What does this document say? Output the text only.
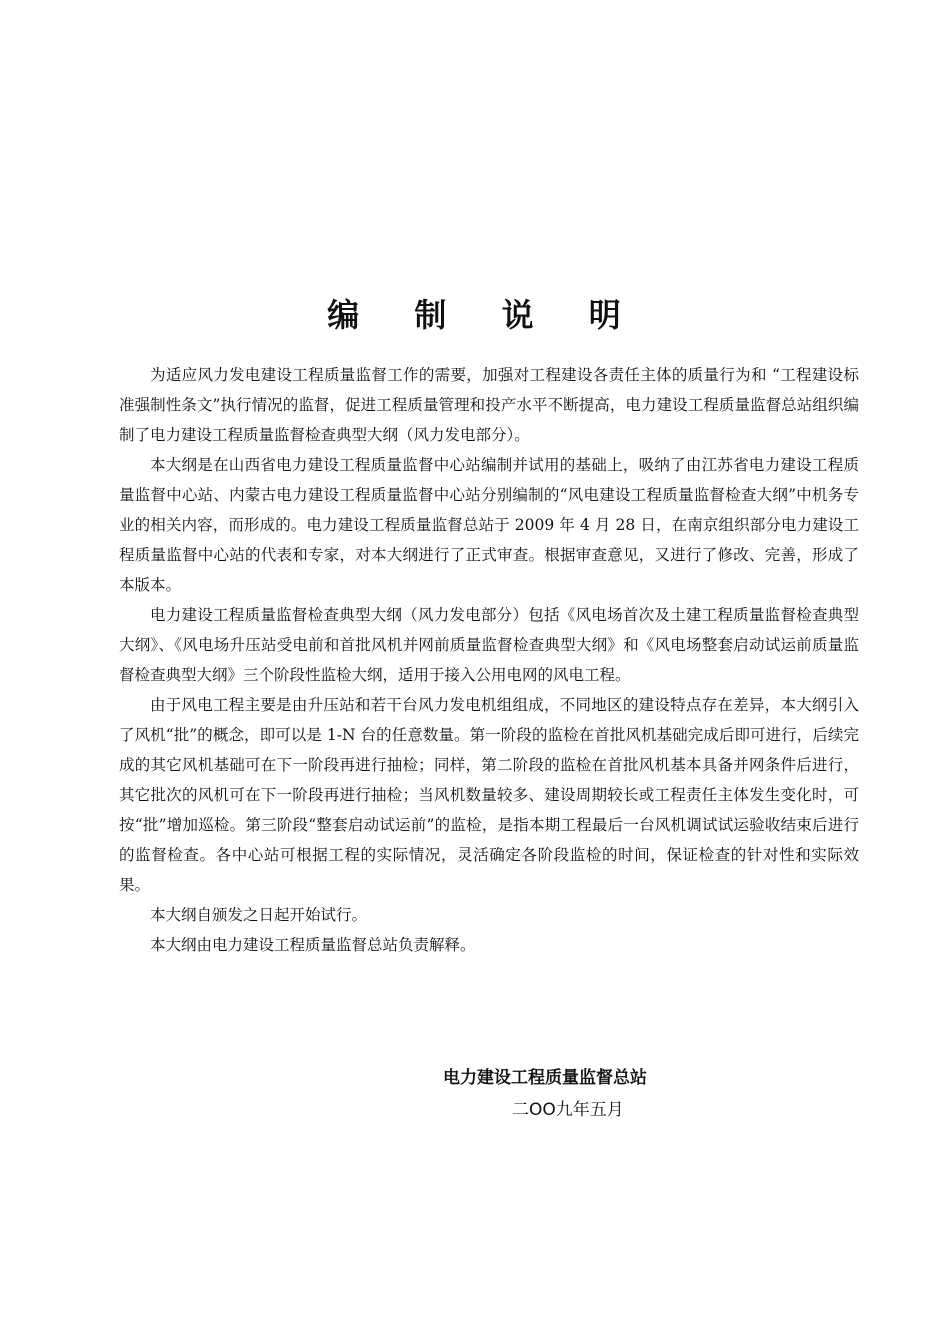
编 制 说 明

为适应风力发电建设工程质量监督工作的需要，加强对工程建设各责任主体的质量行为和 “工程建设标准强制性条文”执行情况的监督，促进工程质量管理和投产水平不断提高，电力建设工程质量监督总站组织编制了电力建设工程质量监督检查典型大纲（风力发电部分）。

本大纲是在山西省电力建设工程质量监督中心站编制并试用的基础上，吸纳了由江苏省电力建设工程质量监督中心站、内蒙古电力建设工程质量监督中心站分别编制的“风电建设工程质量监督检查大纲”中机务专业的相关内容，而形成的。电力建设工程质量监督总站于 2009 年 4 月 28 日，在南京组织部分电力建设工程质量监督中心站的代表和专家，对本大纲进行了正式审查。根据审查意见，又进行了修改、完善，形成了本版本。

电力建设工程质量监督检查典型大纲（风力发电部分）包括《风电场首次及土建工程质量监督检查典型大纲》、《风电场升压站受电前和首批风机并网前质量监督检查典型大纲》和《风电场整套启动试运前质量监督检查典型大纲》三个阶段性监检大纲，适用于接入公用电网的风电工程。

由于风电工程主要是由升压站和若干台风力发电机组组成，不同地区的建设特点存在差异，本大纲引入了风机“批”的概念，即可以是 1-N 台的任意数量。第一阶段的监检在首批风机基础完成后即可进行，后续完成的其它风机基础可在下一阶段再进行抽检；同样，第二阶段的监检在首批风机基本具备并网条件后进行，其它批次的风机可在下一阶段再进行抽检；当风机数量较多、建设周期较长或工程责任主体发生变化时，可按“批”增加巡检。第三阶段“整套启动试运前”的监检，是指本期工程最后一台风机调试试运验收结束后进行的监督检查。各中心站可根据工程的实际情况，灵活确定各阶段监检的时间，保证检查的针对性和实际效果。

本大纲自颁发之日起开始试行。

本大纲由电力建设工程质量监督总站负责解释。

电力建设工程质量监督总站
二OO九年五月
